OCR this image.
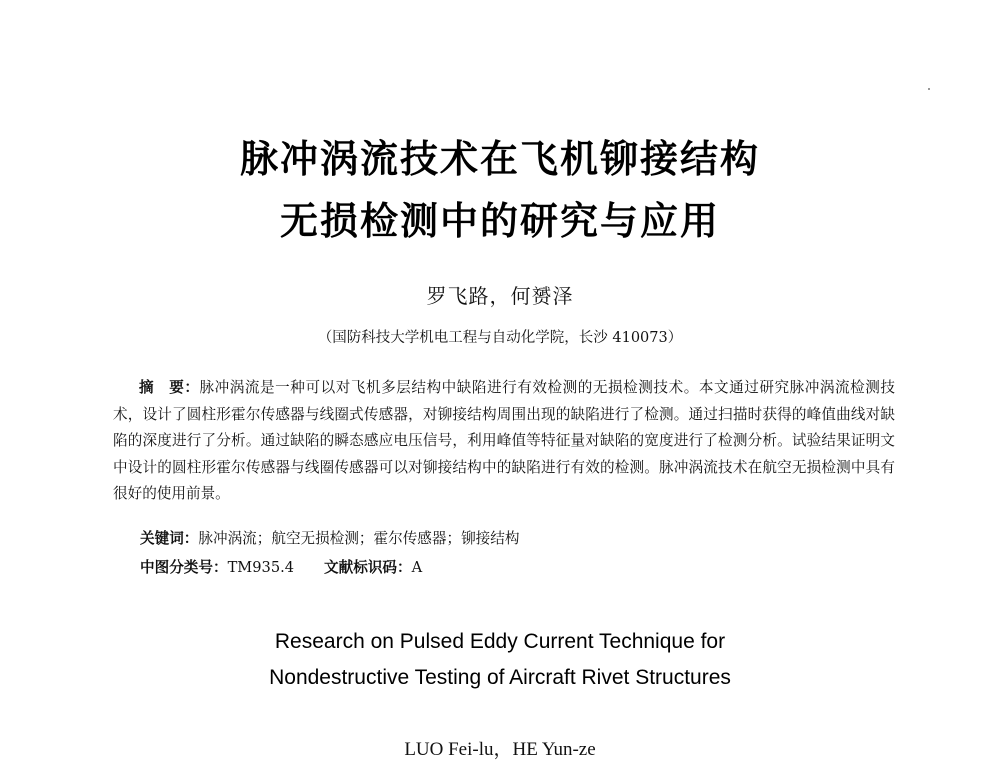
脉冲涡流技术在飞机铆接结构
无损检测中的研究与应用
罗飞路，何赟泽
（国防科技大学机电工程与自动化学院，长沙 410073）

摘　要：脉冲涡流是一种可以对飞机多层结构中缺陷进行有效检测的无损检测技术。本文通过研究脉冲涡流检测技术，设计了圆柱形霍尔传感器与线圈式传感器，对铆接结构周围出现的缺陷进行了检测。通过扫描时获得的峰值曲线对缺陷的深度进行了分析。通过缺陷的瞬态感应电压信号，利用峰值等特征量对缺陷的宽度进行了检测分析。试验结果证明文中设计的圆柱形霍尔传感器与线圈传感器可以对铆接结构中的缺陷进行有效的检测。脉冲涡流技术在航空无损检测中具有很好的使用前景。

关键词：脉冲涡流；航空无损检测；霍尔传感器；铆接结构
中图分类号：TM935.4 文献标识码：A
Research on Pulsed Eddy Current Technique for
Nondestructive Testing of Aircraft Rivet Structures
LUO Fei-lu，HE Yun-ze
